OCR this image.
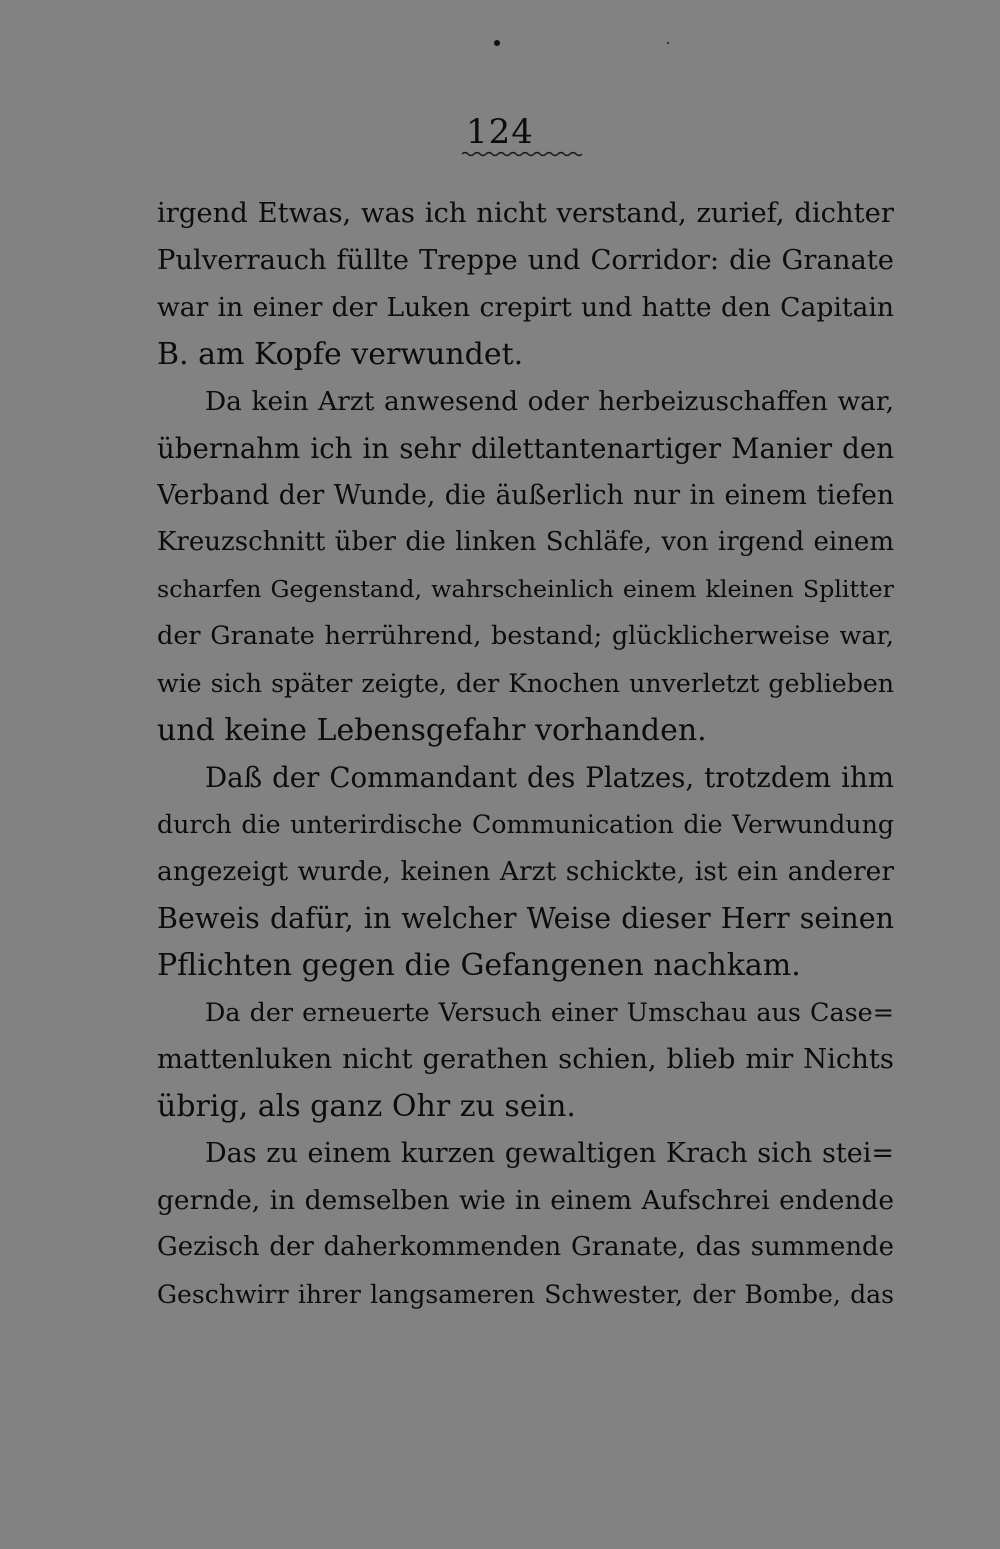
124
irgend Etwas, was ich nicht verstand, zurief, dichter
Pulverrauch füllte Treppe und Corridor: die Granate
war in einer der Luken crepirt und hatte den Capitain
B. am Kopfe verwundet.
Da kein Arzt anwesend oder herbeizuschaffen war,
übernahm ich in sehr dilettantenartiger Manier den
Verband der Wunde, die äußerlich nur in einem tiefen
Kreuzschnitt über die linken Schläfe, von irgend einem
scharfen Gegenstand, wahrscheinlich einem kleinen Splitter
der Granate herrührend, bestand; glücklicherweise war,
wie sich später zeigte, der Knochen unverletzt geblieben
und keine Lebensgefahr vorhanden.
Daß der Commandant des Platzes, trotzdem ihm
durch die unterirdische Communication die Verwundung
angezeigt wurde, keinen Arzt schickte, ist ein anderer
Beweis dafür, in welcher Weise dieser Herr seinen
Pflichten gegen die Gefangenen nachkam.
Da der erneuerte Versuch einer Umschau aus Case=
mattenluken nicht gerathen schien, blieb mir Nichts
übrig, als ganz Ohr zu sein.
Das zu einem kurzen gewaltigen Krach sich stei=
gernde, in demselben wie in einem Aufschrei endende
Gezisch der daherkommenden Granate, das summende
Geschwirr ihrer langsameren Schwester, der Bombe, das
